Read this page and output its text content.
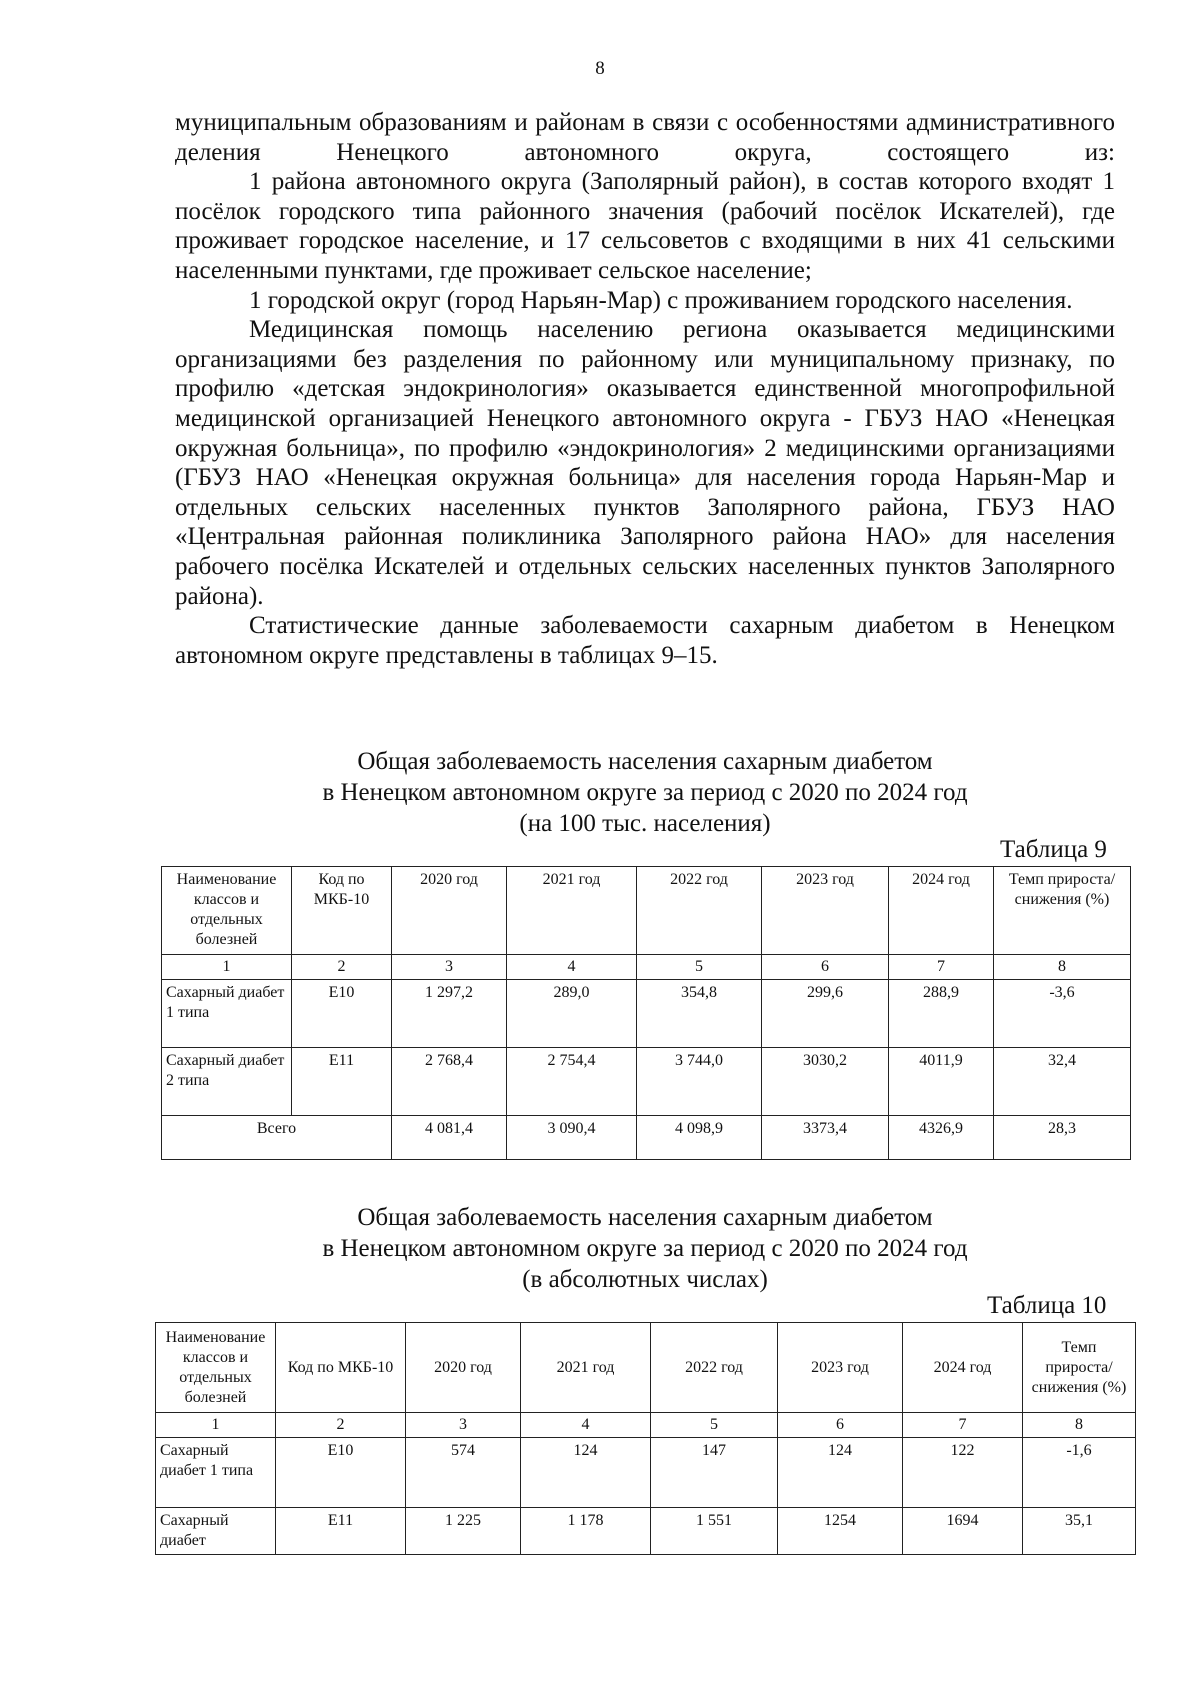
8

муниципальным образованиям и районам в связи с особенностями административного деления Ненецкого автономного округа, состоящего из:

1 района автономного округа (Заполярный район), в состав которого входят 1 посёлок городского типа районного значения (рабочий посёлок Искателей), где проживает городское население, и 17 сельсоветов с входящими в них 41 сельскими населенными пунктами, где проживает сельское население;

1 городской округ (город Нарьян-Мар) с проживанием городского населения.

Медицинская помощь населению региона оказывается медицинскими организациями без разделения по районному или муниципальному признаку, по профилю «детская эндокринология» оказывается единственной многопрофильной медицинской организацией Ненецкого автономного округа - ГБУЗ НАО «Ненецкая окружная больница», по профилю «эндокринология» 2 медицинскими организациями (ГБУЗ НАО «Ненецкая окружная больница» для населения города Нарьян-Мар и отдельных сельских населенных пунктов Заполярного района, ГБУЗ НАО «Центральная районная поликлиника Заполярного района НАО» для населения рабочего посёлка Искателей и отдельных сельских населенных пунктов Заполярного района).

Статистические данные заболеваемости сахарным диабетом в Ненецком автономном округе представлены в таблицах 9–15.

Общая заболеваемость населения сахарным диабетом
в Ненецком автономном округе за период с 2020 по 2024 год
(на 100 тыс. населения)
Таблица 9
Наименование классов и отдельных болезней	Код по МКБ-10	2020 год	2021 год	2022 год	2023 год	2024 год	Темп прироста/ снижения (%)
1	2	3	4	5	6	7	8
Сахарный диабет 1 типа	E10	1 297,2	289,0	354,8	299,6	288,9	-3,6
Сахарный диабет 2 типа	E11	2 768,4	2 754,4	3 744,0	3030,2	4011,9	32,4
Всего		4 081,4	3 090,4	4 098,9	3373,4	4326,9	28,3
Общая заболеваемость населения сахарным диабетом
в Ненецком автономном округе за период с 2020 по 2024 год
(в абсолютных числах)
Таблица 10
Наименование классов и отдельных болезней	Код по МКБ-10	2020 год	2021 год	2022 год	2023 год	2024 год	Темп прироста/ снижения (%)
1	2	3	4	5	6	7	8
Сахарный диабет 1 типа	E10	574	124	147	124	122	-1,6
Сахарный диабет	E11	1 225	1 178	1 551	1254	1694	35,1
